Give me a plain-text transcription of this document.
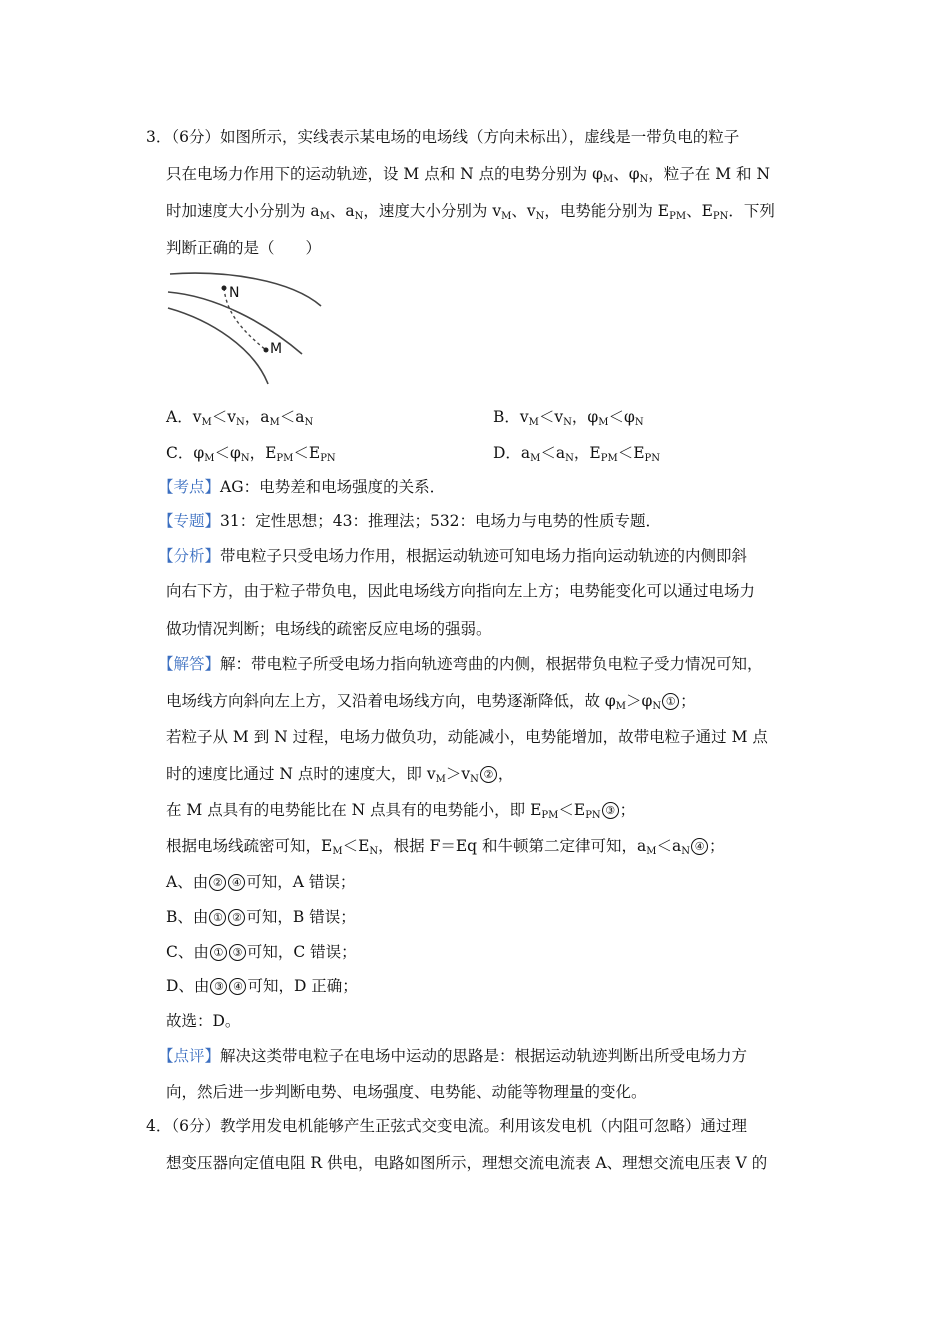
3．（6分）如图所示，实线表示某电场的电场线（方向未标出），虚线是一带负电的粒子
只在电场力作用下的运动轨迹，设 M 点和 N 点的电势分别为 $\varphi_M$、$\varphi_N$，粒子在 M 和 N
时加速度大小分别为 $a_M$、$a_N$，速度大小分别为 $v_M$、$v_N$，电势能分别为 $E_{PM}$、$E_{PN}$．下列
判断正确的是（　　）
N
M
A．$v_M<v_N$，$a_M<a_N$	B．$v_M<v_N$，$\varphi_M<\varphi_N$
C．$\varphi_M<\varphi_N$，$E_{PM}<E_{PN}$	D．$a_M<a_N$，$E_{PM}<E_{PN}$
【考点】AG：电势差和电场强度的关系．
【专题】31：定性思想；43：推理法；532：电场力与电势的性质专题．
【分析】带电粒子只受电场力作用，根据运动轨迹可知电场力指向运动轨迹的内侧即斜
向右下方，由于粒子带负电，因此电场线方向指向左上方；电势能变化可以通过电场力
做功情况判断；电场线的疏密反应电场的强弱。
【解答】解：带电粒子所受电场力指向轨迹弯曲的内侧，根据带负电粒子受力情况可知，
电场线方向斜向左上方，又沿着电场线方向，电势逐渐降低，故 $\varphi_M>\varphi_N$ ① ；
若粒子从 M 到 N 过程，电场力做负功，动能减小，电势能增加，故带电粒子通过 M 点
时的速度比通过 N 点时的速度大，即 $v_M>v_N$ ② ，
在 M 点具有的电势能比在 N 点具有的电势能小，即 $E_{PM}<E_{PN}$ ③ ；
根据电场线疏密可知，$E_M<E_N$，根据 F＝Eq 和牛顿第二定律可知，$a_M<a_N$ ④ ；
A、由 ② ④ 可知，A 错误；
B、由 ① ② 可知，B 错误；
C、由 ① ③ 可知，C 错误；
D、由 ③ ④ 可知，D 正确；
故选：D。
【点评】解决这类带电粒子在电场中运动的思路是：根据运动轨迹判断出所受电场力方
向，然后进一步判断电势、电场强度、电势能、动能等物理量的变化。
4．（6分）教学用发电机能够产生正弦式交变电流。利用该发电机（内阻可忽略）通过理
想变压器向定值电阻 R 供电，电路如图所示，理想交流电流表 A、理想交流电压表 V 的
